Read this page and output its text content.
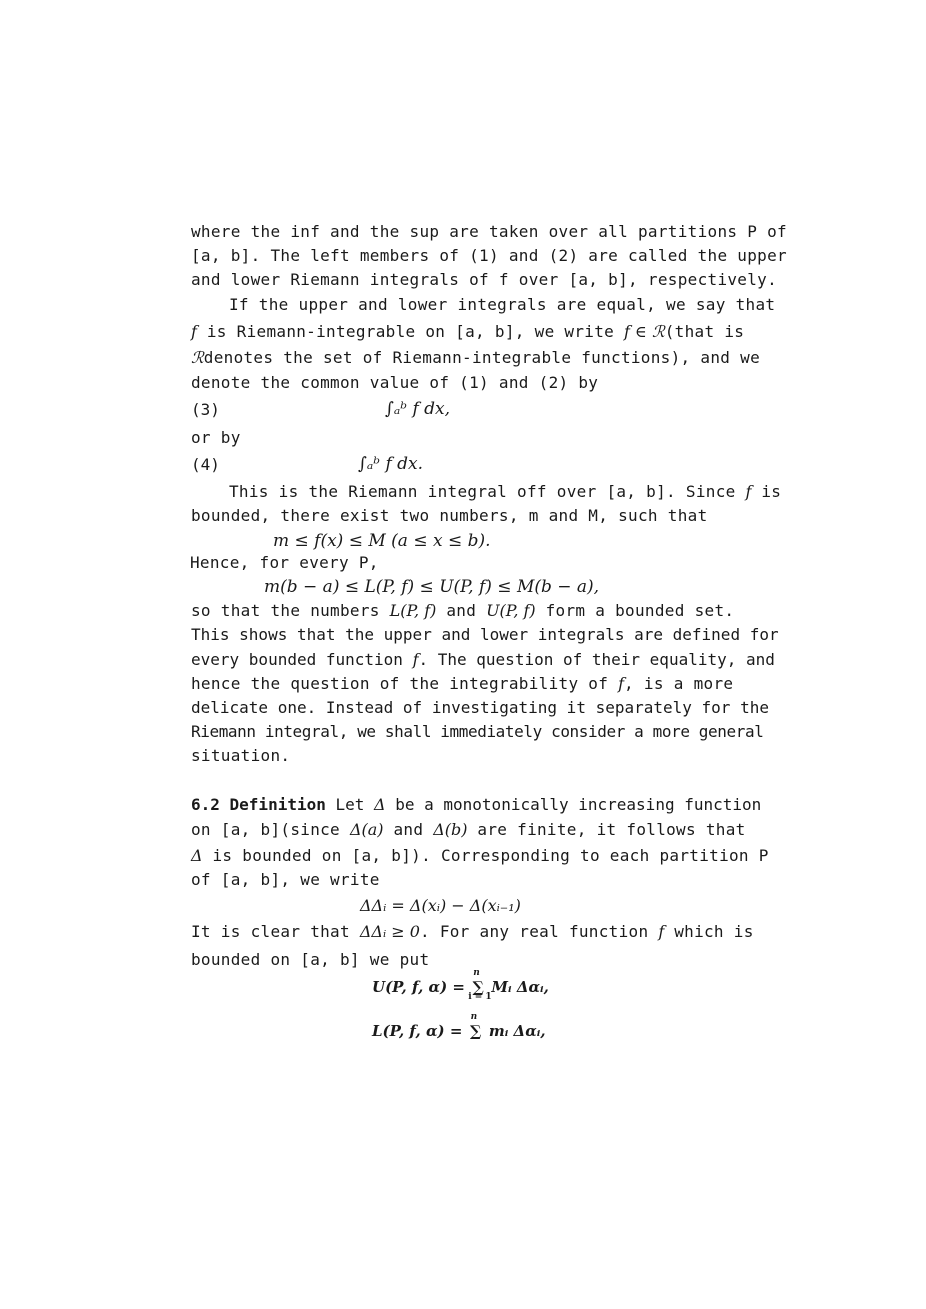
where the inf and the sup are taken over all partitions P of
[a, b]. The left members of (1) and (2) are called the upper
and lower Riemann integrals of f over [a, b], respectively.
If the upper and lower integrals are equal, we say that
f is Riemann-integrable on [a, b], we write f ∈ ℛ(that is
ℛdenotes the set of Riemann-integrable functions), and we
denote the common value of (1) and (2) by
(3)	∫ₐᵇ f dx,
or by
(4)	∫ₐᵇ f dx.
This is the Riemann integral off over [a, b]. Since f is
bounded, there exist two numbers, m and M, such that
m ≤ f(x) ≤ M (a ≤ x ≤ b).
Hence, for every P,
m(b − a) ≤ L(P, f) ≤ U(P, f) ≤ M(b − a),
so that the numbers L(P, f) and U(P, f) form a bounded set.
This shows that the upper and lower integrals are defined for
every bounded function f. The question of their equality, and
hence the question of the integrability of f, is a more
delicate one. Instead of investigating it separately for the
Riemann integral, we shall immediately consider a more general
situation.
6.2 Definition Let Δ be a monotonically increasing function
on [a, b](since Δ(a) and Δ(b) are finite, it follows that
Δ is bounded on [a, b]). Corresponding to each partition P
of [a, b], we write
ΔΔᵢ = Δ(xᵢ) − Δ(xᵢ₋₁)
It is clear that ΔΔᵢ ≥ 0. For any real function f which is
bounded on [a, b] we put
U(P, f, α) = ∑
n
i = 1
Mᵢ Δαᵢ,
L(P, f, α) = ∑
n
mᵢ Δαᵢ,
